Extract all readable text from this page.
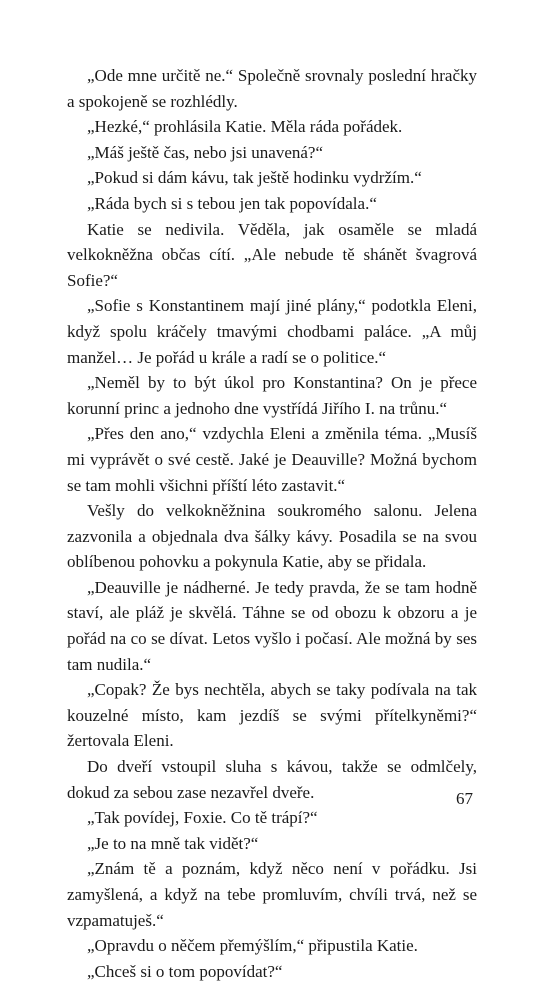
„Ode mne určitě ne.“ Společně srovnaly poslední hračky a spokojeně se rozhlédly.

„Hezké,“ prohlásila Katie. Měla ráda pořádek.

„Máš ještě čas, nebo jsi unavená?“

„Pokud si dám kávu, tak ještě hodinku vydržím.“

„Ráda bych si s tebou jen tak popovídala.“

Katie se nedivila. Věděla, jak osaměle se mladá velkokněžna občas cítí. „Ale nebude tě shánět švagrová Sofie?“

„Sofie s Konstantinem mají jiné plány,“ podotkla Eleni, když spolu kráčely tmavými chodbami paláce. „A můj manžel… Je pořád u krále a radí se o politice.“

„Neměl by to být úkol pro Konstantina? On je přece korunní princ a jednoho dne vystřídá Jiřího I. na trůnu.“

„Přes den ano,“ vzdychla Eleni a změnila téma. „Musíš mi vyprávět o své cestě. Jaké je Deauville? Možná bychom se tam mohli všichni příští léto zastavit.“

Vešly do velkokněžnina soukromého salonu. Jelena zazvonila a objednala dva šálky kávy. Posadila se na svou oblíbenou pohovku a pokynula Katie, aby se přidala.

„Deauville je nádherné. Je tedy pravda, že se tam hodně staví, ale pláž je skvělá. Táhne se od obozu k obzoru a je pořád na co se dívat. Letos vyšlo i počasí. Ale možná by ses tam nudila.“

„Copak? Že bys nechtěla, abych se taky podívala na tak kouzelné místo, kam jezdíš se svými přítelkyněmi?“ žertovala Eleni.

Do dveří vstoupil sluha s kávou, takže se odmlčely, dokud za sebou zase nezavřel dveře.

„Tak povídej, Foxie. Co tě trápí?“

„Je to na mně tak vidět?“

„Znám tě a poznám, když něco není v pořádku. Jsi zamyšlená, a když na tebe promluvím, chvíli trvá, než se vzpamatuješ.“

„Opravdu o něčem přemýšlím,“ připustila Katie.

„Chceš si o tom popovídat?“

67
